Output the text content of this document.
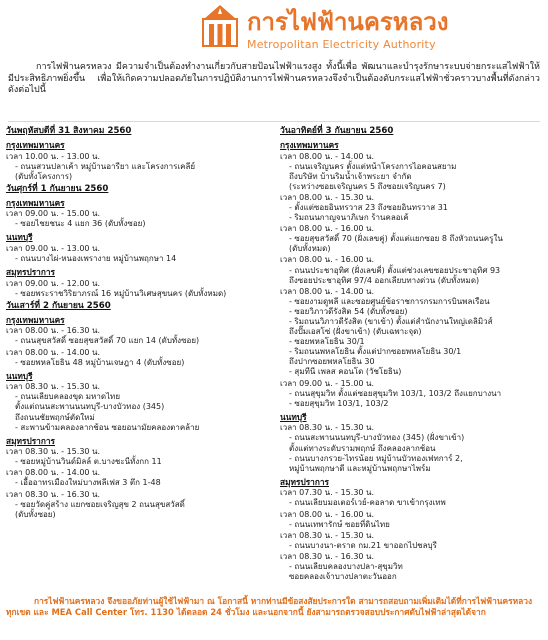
การไฟฟ้านครหลวง
Metropolitan Electricity Authority

การไฟฟ้านครหลวง มีความจำเป็นต้องทำงานเกี่ยวกับสายป้อนไฟฟ้าแรงสูง ทั้งนี้เพื่อ พัฒนาและบำรุงรักษาระบบจ่ายกระแสไฟฟ้าให้มีประสิทธิภาพยิ่งขึ้น เพื่อให้เกิดความปลอดภัยในการปฏิบัติงานการไฟฟ้านครหลวงจึงจำเป็นต้องดับกระแสไฟฟ้าชั่วคราวบางพื้นที่ดังกล่าว ดังต่อไปนี้

วันพฤหัสบดีที่ 31 สิงหาคม 2560
กรุงเทพมหานคร
เวลา 10.00 น. - 13.00 น.
- ถนนสวนปลาเค้า หมู่บ้านอารียา และโครงการเคลีย์
(ดับทั้งโครงการ)
วันศุกร์ที่ 1 กันยายน 2560
กรุงเทพมหานคร
เวลา 09.00 น. - 15.00 น.
- ซอยไชยชนะ 4 แยก 36 (ดับทั้งซอย)
นนทบุรี
เวลา 09.00 น. - 13.00 น.
- ถนนบางไผ่-หนองเพรางาย หมู่บ้านพฤกษา 14
สมุทรปราการ
เวลา 09.00 น. - 12.00 น.
- ซอยพระราชวิริยาภรณ์ 16 หมู่บ้านวิเศษสุขนคร (ดับทั้งหมด)
วันเสาร์ที่ 2 กันยายน 2560
กรุงเทพมหานคร
เวลา 08.00 น. - 16.30 น.
- ถนนสุขสวัสดิ์ ซอยสุขสวัสดิ์ 70 แยก 14 (ดับทั้งซอย)
เวลา 08.00 น. - 14.00 น.
- ซอยพหลโยธิน 48 หมู่บ้านเจษฎา 4 (ดับทั้งซอย)
นนทบุรี
เวลา 08.30 น. - 15.30 น.
- ถนนเลียบคลองขุด มหาดไทย
ตั้งแต่ถนนสะพานนนทบุรี-บางบัวทอง (345)
ถึงถนนชัยพฤกษ์ตัดใหม่
- สะพานข้ามคลองลากช้อน ซอยอนามัยคลองตาคล้าย
สมุทรปราการ
เวลา 08.30 น. - 15.30 น.
- ซอยหมู่บ้านวินด์มิลล์ ต.บางชะนีทั้งกก 11
เวลา 08.00 น. - 14.00 น.
- เอื้ออาทรเมืองใหม่บางพลีเฟส 3 ตึก 1-48
เวลา 08.30 น. - 16.30 น.
- ซอยวัดคู่สร้าง แยกซอยเจริญสุข 2 ถนนสุขสวัสดิ์
(ดับทั้งซอย)
วันอาทิตย์ที่ 3 กันยายน 2560
กรุงเทพมหานคร
เวลา 08.00 น. - 14.00 น.
- ถนนเจริญนคร ตั้งแต่หน้าโครงการไอคอนสยาม
ถึงบริษัท บ้านริมน้ำเจ้าพระยา จำกัด
(ระหว่างซอยเจริญนคร 5 ถึงซอยเจริญนคร 7)
เวลา 08.00 น. - 15.30 น.
- ตั้งแต่ซอยอินทรวาส 23 ถึงซอยอินทรวาส 31
- ริมถนนกาญจนาภิเษก ร้านคลอเค้
เวลา 08.00 น. - 16.00 น.
- ซอยสุขสวัสดิ์ 70 (ฝั่งเลขคู่) ตั้งแต่แยกซอย 8 ถึงหัวถนนครูใน
(ดับทั้งหมด)
เวลา 08.00 น. - 16.00 น.
- ถนนประชาอุทิศ (ฝั่งเลขคี่) ตั้งแต่ช่วงเลขซอยประชาอุทิศ 93
ถึงซอยประชาอุทิศ 97/4 ออกเลียบทางด่วน (ดับทั้งหมด)
เวลา 08.00 น. - 14.00 น.
- ซอยงามดูพลี และซอยศูนย์ข้อราชการกรมการบินพลเรือน
- ซอยวิภาวดีรังสิต 54 (ดับทั้งซอย)
- ริมถนนวิภาวดีรังสิต (ขาเข้า) ตั้งแต่สำนักงานใหญ่เดลิมิวส์
ถึงปั๊มเอสโซ่ (ฝั่งขาเข้า) (ดับเฉพาะจุด)
- ซอยพหลโยธิน 30/1
- ริมถนนพหลโยธิน ตั้งแต่ปากซอยพหลโยธิน 30/1
ถึงปากซอยพหลโยธิน 30
- สุมทีนี เพลส คอนโด (วัชโยธิน)
เวลา 09.00 น. - 15.00 น.
- ถนนสุขุมวิท ตั้งแต่ซอยสุขุมวิท 103/1, 103/2 ถึงแยกบางนา
- ซอยสุขุมวิท 103/1, 103/2
นนทบุรี
เวลา 08.30 น. - 15.30 น.
- ถนนสะพานนนทบุรี-บางบัวทอง (345) (ฝั่งขาเข้า)
ตั้งแต่ทางระดับรามพฤกษ์ ถึงคลองลากช้อน
- ถนนบางกรวย-ไทรน้อย หมู่บ้านบัวทองเฟทการ์ 2,
หมู่บ้านพฤกษาดี และหมู่บ้านพฤกษาไพร์ม
สมุทรปราการ
เวลา 07.30 น. - 15.30 น.
- ถนนเลียบมอเตอร์เวย์-คอลาด ขาเข้ากรุงเทพ
เวลา 08.00 น. - 16.00 น.
- ถนนเทพารักษ์ ซอยที่ดินไทย
เวลา 08.30 น. - 15.30 น.
- ถนนบางนา-ตราด กม.21 ขาออกไปชลบุรี
เวลา 08.30 น. - 16.30 น.
- ถนนเลียบคลองบางปลา-สุขุมวิท
ซอยคลองเจ้าบางปลาตะวันออก

การไฟฟ้านครหลวง จึงขออภัยท่านผู้ใช้ไฟฟ้ามา ณ โอกาสนี้ หากท่านมีข้อสงสัยประการใด สามารถสอบถามเพิ่มเติมได้ที่การไฟฟ้านครหลวงทุกเขต และ MEA Call Center โทร. 1130 ได้ตลอด 24 ชั่วโมง และนอกจากนี้ ยังสามารถตรวจสอบประกาศดับไฟฟ้าล่าสุดได้จาก
